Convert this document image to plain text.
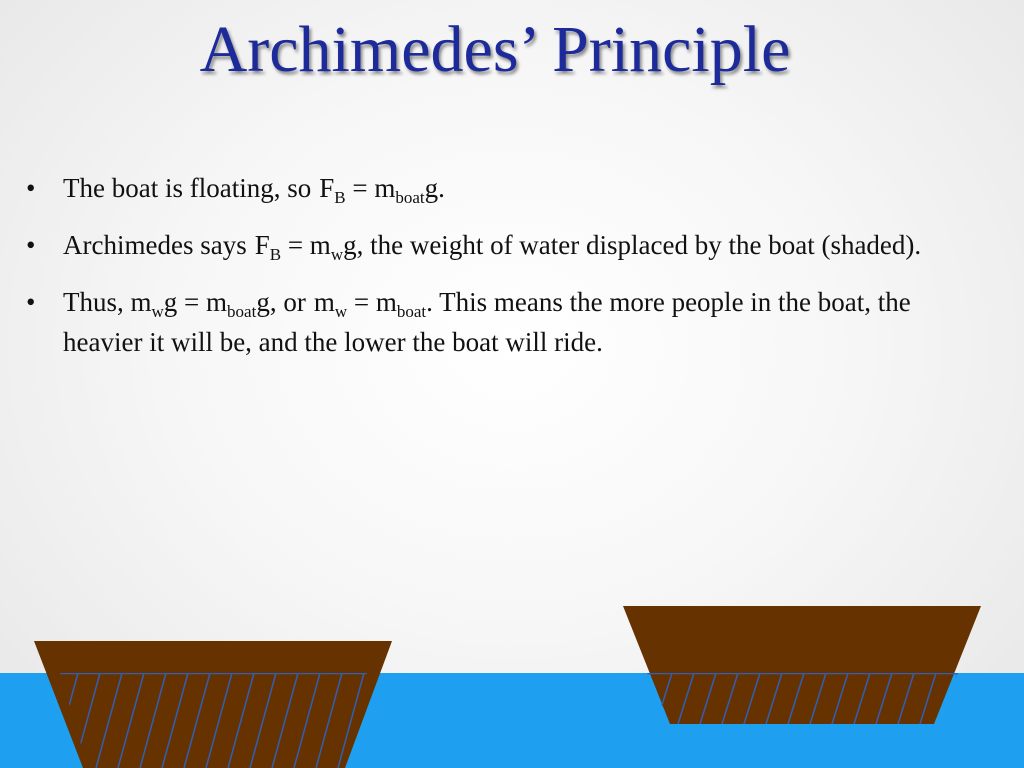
Archimedes’ Principle
• The boat is floating, so $F_B = m_{boat}g$.
• Archimedes says $F_B = m_wg$, the weight of water displaced by the boat (shaded).
• Thus, $m_wg = m_{boat}g$, or $m_w = m_{boat}$. This means the more people in the boat, the heavier it will be, and the lower the boat will ride.
